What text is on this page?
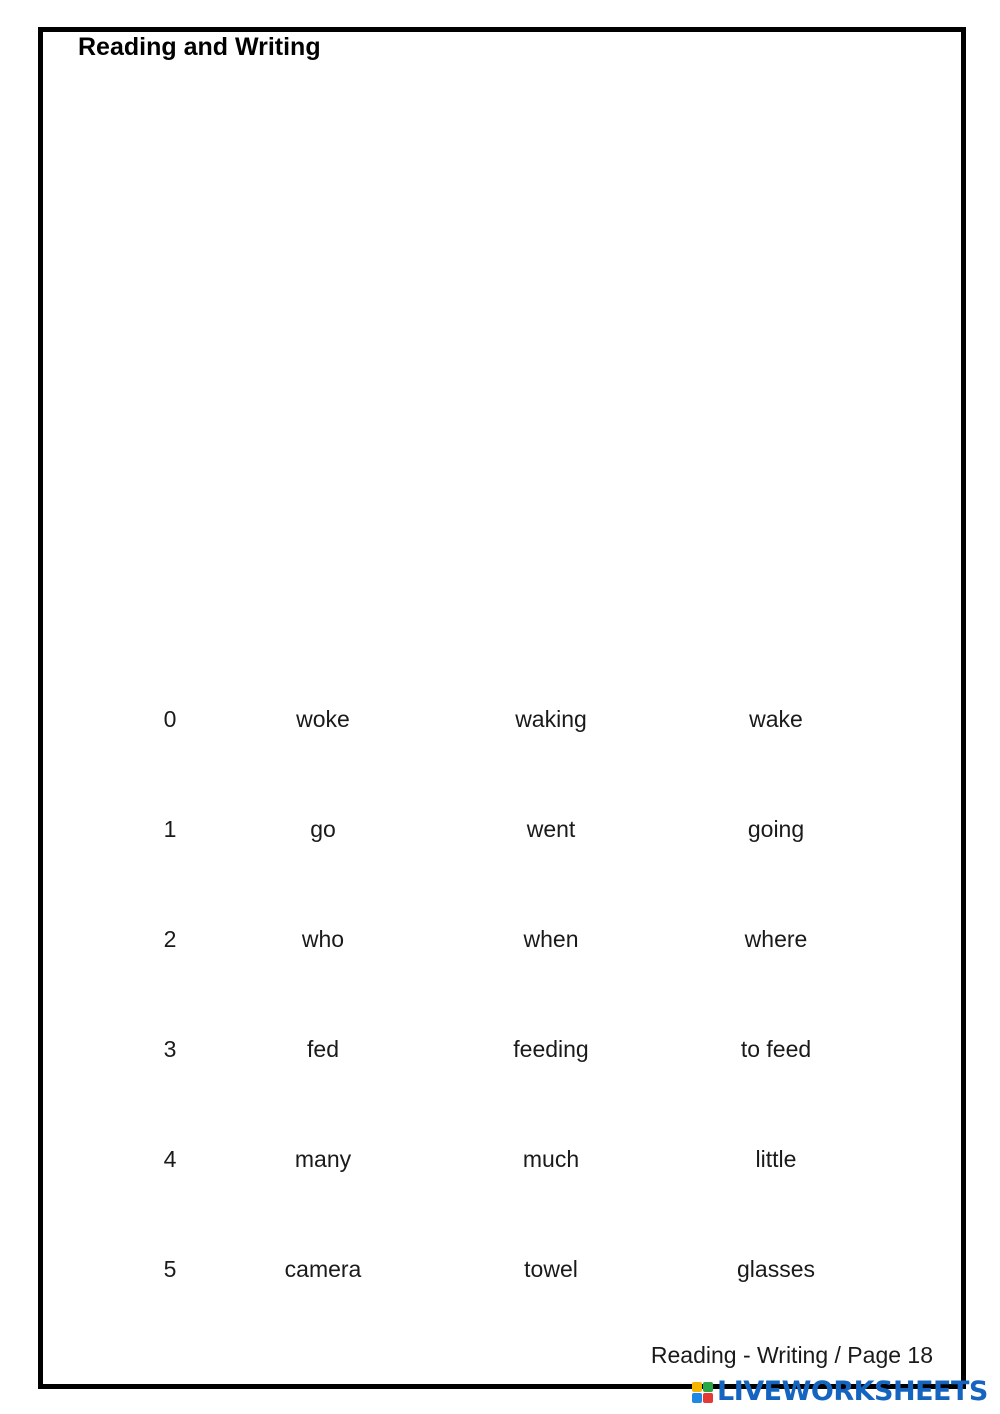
Reading and Writing
0	woke	waking	wake
1	go	went	going
2	who	when	where
3	fed	feeding	to feed
4	many	much	little
5	camera	towel	glasses
Reading - Writing / Page 18
LIVEWORKSHEETS
